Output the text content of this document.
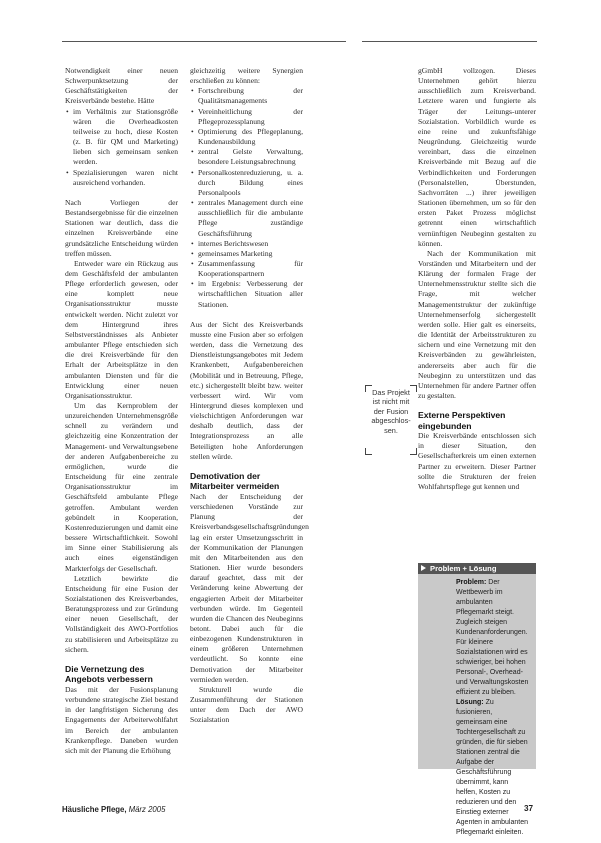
Notwendigkeit einer neuen Schwerpunktsetzung der Geschäftstätigkeiten der Kreisverbände bestehe. Hätte

• im Verhältnis zur Stationsgröße wären die Overheadkosten teilweise zu hoch, diese Kosten (z. B. für QM und Marketing) lieben sich gemeinsam senken werden.
• Spezialisierungen waren nicht ausreichend vorhanden.

Nach Vorliegen der Bestandsergebnisse für die einzelnen Stationen war deutlich, dass die einzelnen Kreisverbände eine grundsätzliche Entscheidung würden treffen müssen.

Entweder ware ein Rückzug aus dem Geschäftsfeld der ambulanten Pflege erforderlich gewesen, oder eine komplett neue Organisationsstruktur musste entwickelt werden. Nicht zuletzt vor dem Hintergrund ihres Selbstverständnisses als Anbieter ambulanter Pflege entschieden sich die drei Kreisverbände für den Erhalt der Arbeitsplätze in den ambulanten Diensten und für die Entwicklung einer neuen Organisationsstruktur.

Um das Kernproblem der unzureichenden Unternehmensgröße schnell zu verändern und gleichzeitig eine Konzentration der Management- und Verwaltungsebene der anderen Aufgabenbereiche zu ermöglichen, wurde die Entscheidung für eine zentrale Organisationsstruktur im Geschäftsfeld ambulante Pflege getroffen. Ambulant werden gebündelt in Kooperation, Kostenreduzierungen und damit eine bessere Wirtschaftlichkeit. Sowohl im Sinne einer Stabilisierung als auch eines eigenständigen Markterfolgs der Gesellschaft.

Letztlich bewirkte die Entscheidung für eine Fusion der Sozialstationen des Kreisverbandes, Beratungsprozess und zur Gründung einer neuen Gesellschaft, der Vollständigkeit des AWO-Portfolios zu stabilisieren und Arbeitsplätze zu sichern.

Die Vernetzung des Angebots verbessern

Das mit der Fusionsplanung verbundene strategische Ziel bestand in der langfristigen Sicherung des Engagements der Arbeiterwohlfahrt im Bereich der ambulanten Krankenpflege. Daneben wurden sich mit der Planung die Erhöhung

gleichzeitig weitere Synergien erschließen zu können:

• Fortschreibung der Qualitätsmanagements
• Vereinheitlichung der Pflegeprozessplanung
• Optimierung des Pflegeplanung, Kundenausbildung
• zentral Gelste Verwaltung, besondere Leistungsabrechnung
• Personalkostenreduzierung, u. a. durch Bildung eines Personalpools
• zentrales Management durch eine ausschließlich für die ambulante Pflege zuständige Geschäftsführung
• internes Berichtswesen
• gemeinsames Marketing
• Zusammenfassung für Kooperationspartnern
• im Ergebnis: Verbesserung der wirtschaftlichen Situation aller Stationen.

Aus der Sicht des Kreisverbands musste eine Fusion aber so erfolgen werden, dass die Vernetzung des Dienstleistungsangebotes mit Jedem Krankenbett, Aufgabenbereichen (Mobilität und in Betreuung, Pflege, etc.) sichergestellt bleibt bzw. weiter verbessert wird. Wir vom Hintergrund dieses komplexen und vielschichtigen Anforderungen war deshalb deutlich, dass der Integrationsprozess an alle Beteiligten hohe Anforderungen stellen würde.

Demotivation der Mitarbeiter vermeiden

Nach der Entscheidung der verschiedenen Vorstände zur Planung der Kreisverbandsgesellschaftsgründungen lag ein erster Umsetzungsschritt in der Kommunikation der Planungen mit den Mitarbeitenden aus den Stationen. Hier wurde besonders darauf geachtet, dass mit der Veränderung keine Abwertung der engagierten Arbeit der Mitarbeiter verbunden würde. Im Gegenteil wurden die Chancen des Neubeginns betont. Dabei auch für die einbezogenen Kundenstrukturen in einem größeren Unternehmen verdeutlicht. So konnte eine Demotivation der Mitarbeiter vermieden werden.

Strukturell wurde die Zusammenführung der Stationen unter dem Dach der AWO Sozialstation

Das Projekt
ist nicht mit
der Fusion
abgeschlos-
sen.

gGmbH vollzogen. Dieses Unternehmen gehört hierzu ausschließlich zum Kreisverband. Letztere waren und fungierte als Träger der Leitungs-unterer Sozialstation. Vorbildlich wurde es eine reine und zukunftsfähige Neugründung. Gleichzeitig wurde vereinbart, dass die einzelnen Kreisverbände mit Bezug auf die Verbindlichkeiten und Forderungen (Personalstellen, Überstunden, Sachvorräten ...) ihrer jeweiligen Stationen übernehmen, um so für den ersten Paket Prozess möglichst getrennt einen wirtschaftlich vernünftigen Neubeginn gestalten zu können.

Nach der Kommunikation mit Vorständen und Mitarbeitern und der Klärung der formalen Frage der Unternehmensstruktur stellte sich die Frage, mit welcher Managementstruktur der zukünftige Unternehmenserfolg sichergestellt werden solle. Hier galt es einerseits, die Identität der Arbeitsstrukturen zu sichern und eine Vernetzung mit den Kreisverbänden zu gewährleisten, andererseits aber auch für die Neubeginn zu unterstützen und das Unternehmen für andere Partner offen zu gestalten.

Externe Perspektiven eingebunden

Die Kreisverbände entschlossen sich in dieser Situation, den Gesellschafterkreis um einen externen Partner zu erweitern. Dieser Partner sollte die Strukturen der freien Wohlfahrtspflege gut kennen und

Problem + Lösung

Problem: Der Wettbewerb im ambulanten Pflegemarkt steigt. Zugleich steigen Kundenanforderungen. Für kleinere Sozialstationen wird es schwieriger, bei hohen Personal-, Overhead- und Verwaltungskosten effizient zu bleiben.

Lösung: Zu fusionieren, gemeinsam eine Tochtergesellschaft zu gründen, die für sieben Stationen zentral die Aufgabe der Geschäftsführung übernimmt, kann helfen, Kosten zu reduzieren und den Einstieg externer Agenten in ambulanten Pflegemarkt einleiten.

Häusliche Pflege, März 2005	37
